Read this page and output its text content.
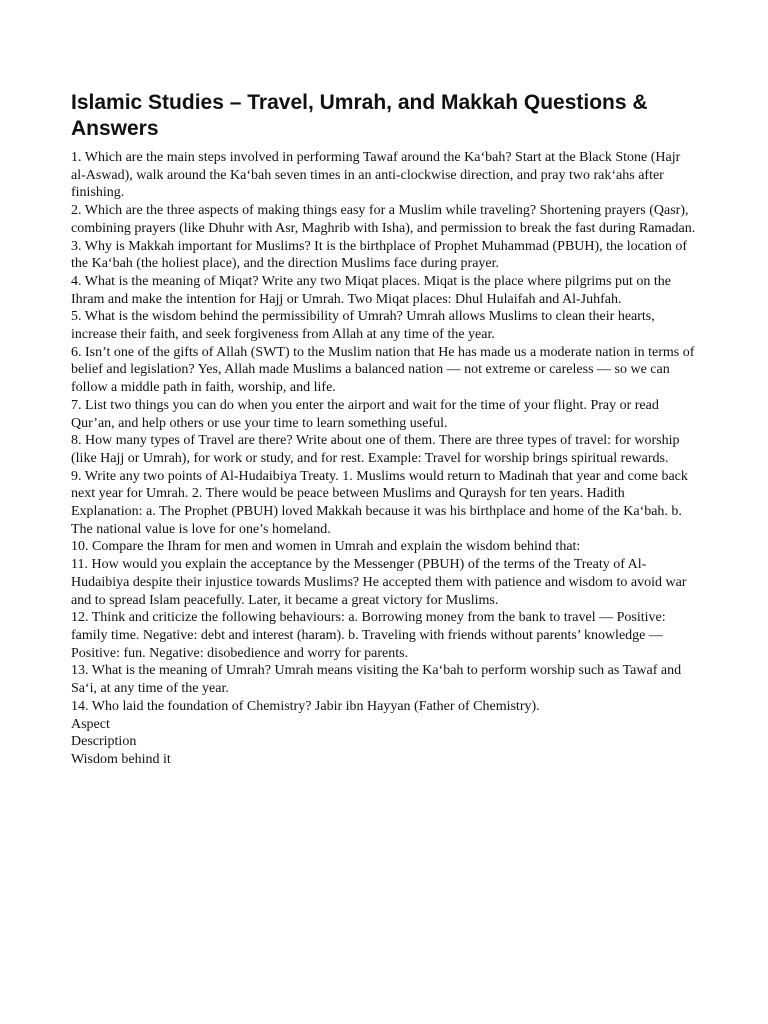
Islamic Studies – Travel, Umrah, and Makkah Questions & Answers

1. Which are the main steps involved in performing Tawaf around the Ka‘bah? Start at the Black Stone (Hajr al-Aswad), walk around the Ka‘bah seven times in an anti-clockwise direction, and pray two rak‘ahs after finishing.

2. Which are the three aspects of making things easy for a Muslim while traveling? Shortening prayers (Qasr), combining prayers (like Dhuhr with Asr, Maghrib with Isha), and permission to break the fast during Ramadan.

3. Why is Makkah important for Muslims? It is the birthplace of Prophet Muhammad (PBUH), the location of the Ka‘bah (the holiest place), and the direction Muslims face during prayer.

4. What is the meaning of Miqat? Write any two Miqat places. Miqat is the place where pilgrims put on the Ihram and make the intention for Hajj or Umrah. Two Miqat places: Dhul Hulaifah and Al-Juhfah.

5. What is the wisdom behind the permissibility of Umrah? Umrah allows Muslims to clean their hearts, increase their faith, and seek forgiveness from Allah at any time of the year.

6. Isn’t one of the gifts of Allah (SWT) to the Muslim nation that He has made us a moderate nation in terms of belief and legislation? Yes, Allah made Muslims a balanced nation — not extreme or careless — so we can follow a middle path in faith, worship, and life.

7. List two things you can do when you enter the airport and wait for the time of your flight. Pray or read Qur’an, and help others or use your time to learn something useful.

8. How many types of Travel are there? Write about one of them. There are three types of travel: for worship (like Hajj or Umrah), for work or study, and for rest. Example: Travel for worship brings spiritual rewards.

9. Write any two points of Al-Hudaibiya Treaty. 1. Muslims would return to Madinah that year and come back next year for Umrah. 2. There would be peace between Muslims and Quraysh for ten years. Hadith Explanation: a. The Prophet (PBUH) loved Makkah because it was his birthplace and home of the Ka‘bah. b. The national value is love for one’s homeland.

10. Compare the Ihram for men and women in Umrah and explain the wisdom behind that:

11. How would you explain the acceptance by the Messenger (PBUH) of the terms of the Treaty of Al-Hudaibiya despite their injustice towards Muslims? He accepted them with patience and wisdom to avoid war and to spread Islam peacefully. Later, it became a great victory for Muslims.

12. Think and criticize the following behaviours: a. Borrowing money from the bank to travel — Positive: family time. Negative: debt and interest (haram). b. Traveling with friends without parents’ knowledge — Positive: fun. Negative: disobedience and worry for parents.

13. What is the meaning of Umrah? Umrah means visiting the Ka‘bah to perform worship such as Tawaf and Sa‘i, at any time of the year.

14. Who laid the foundation of Chemistry? Jabir ibn Hayyan (Father of Chemistry).

Aspect

Description

Wisdom behind it
